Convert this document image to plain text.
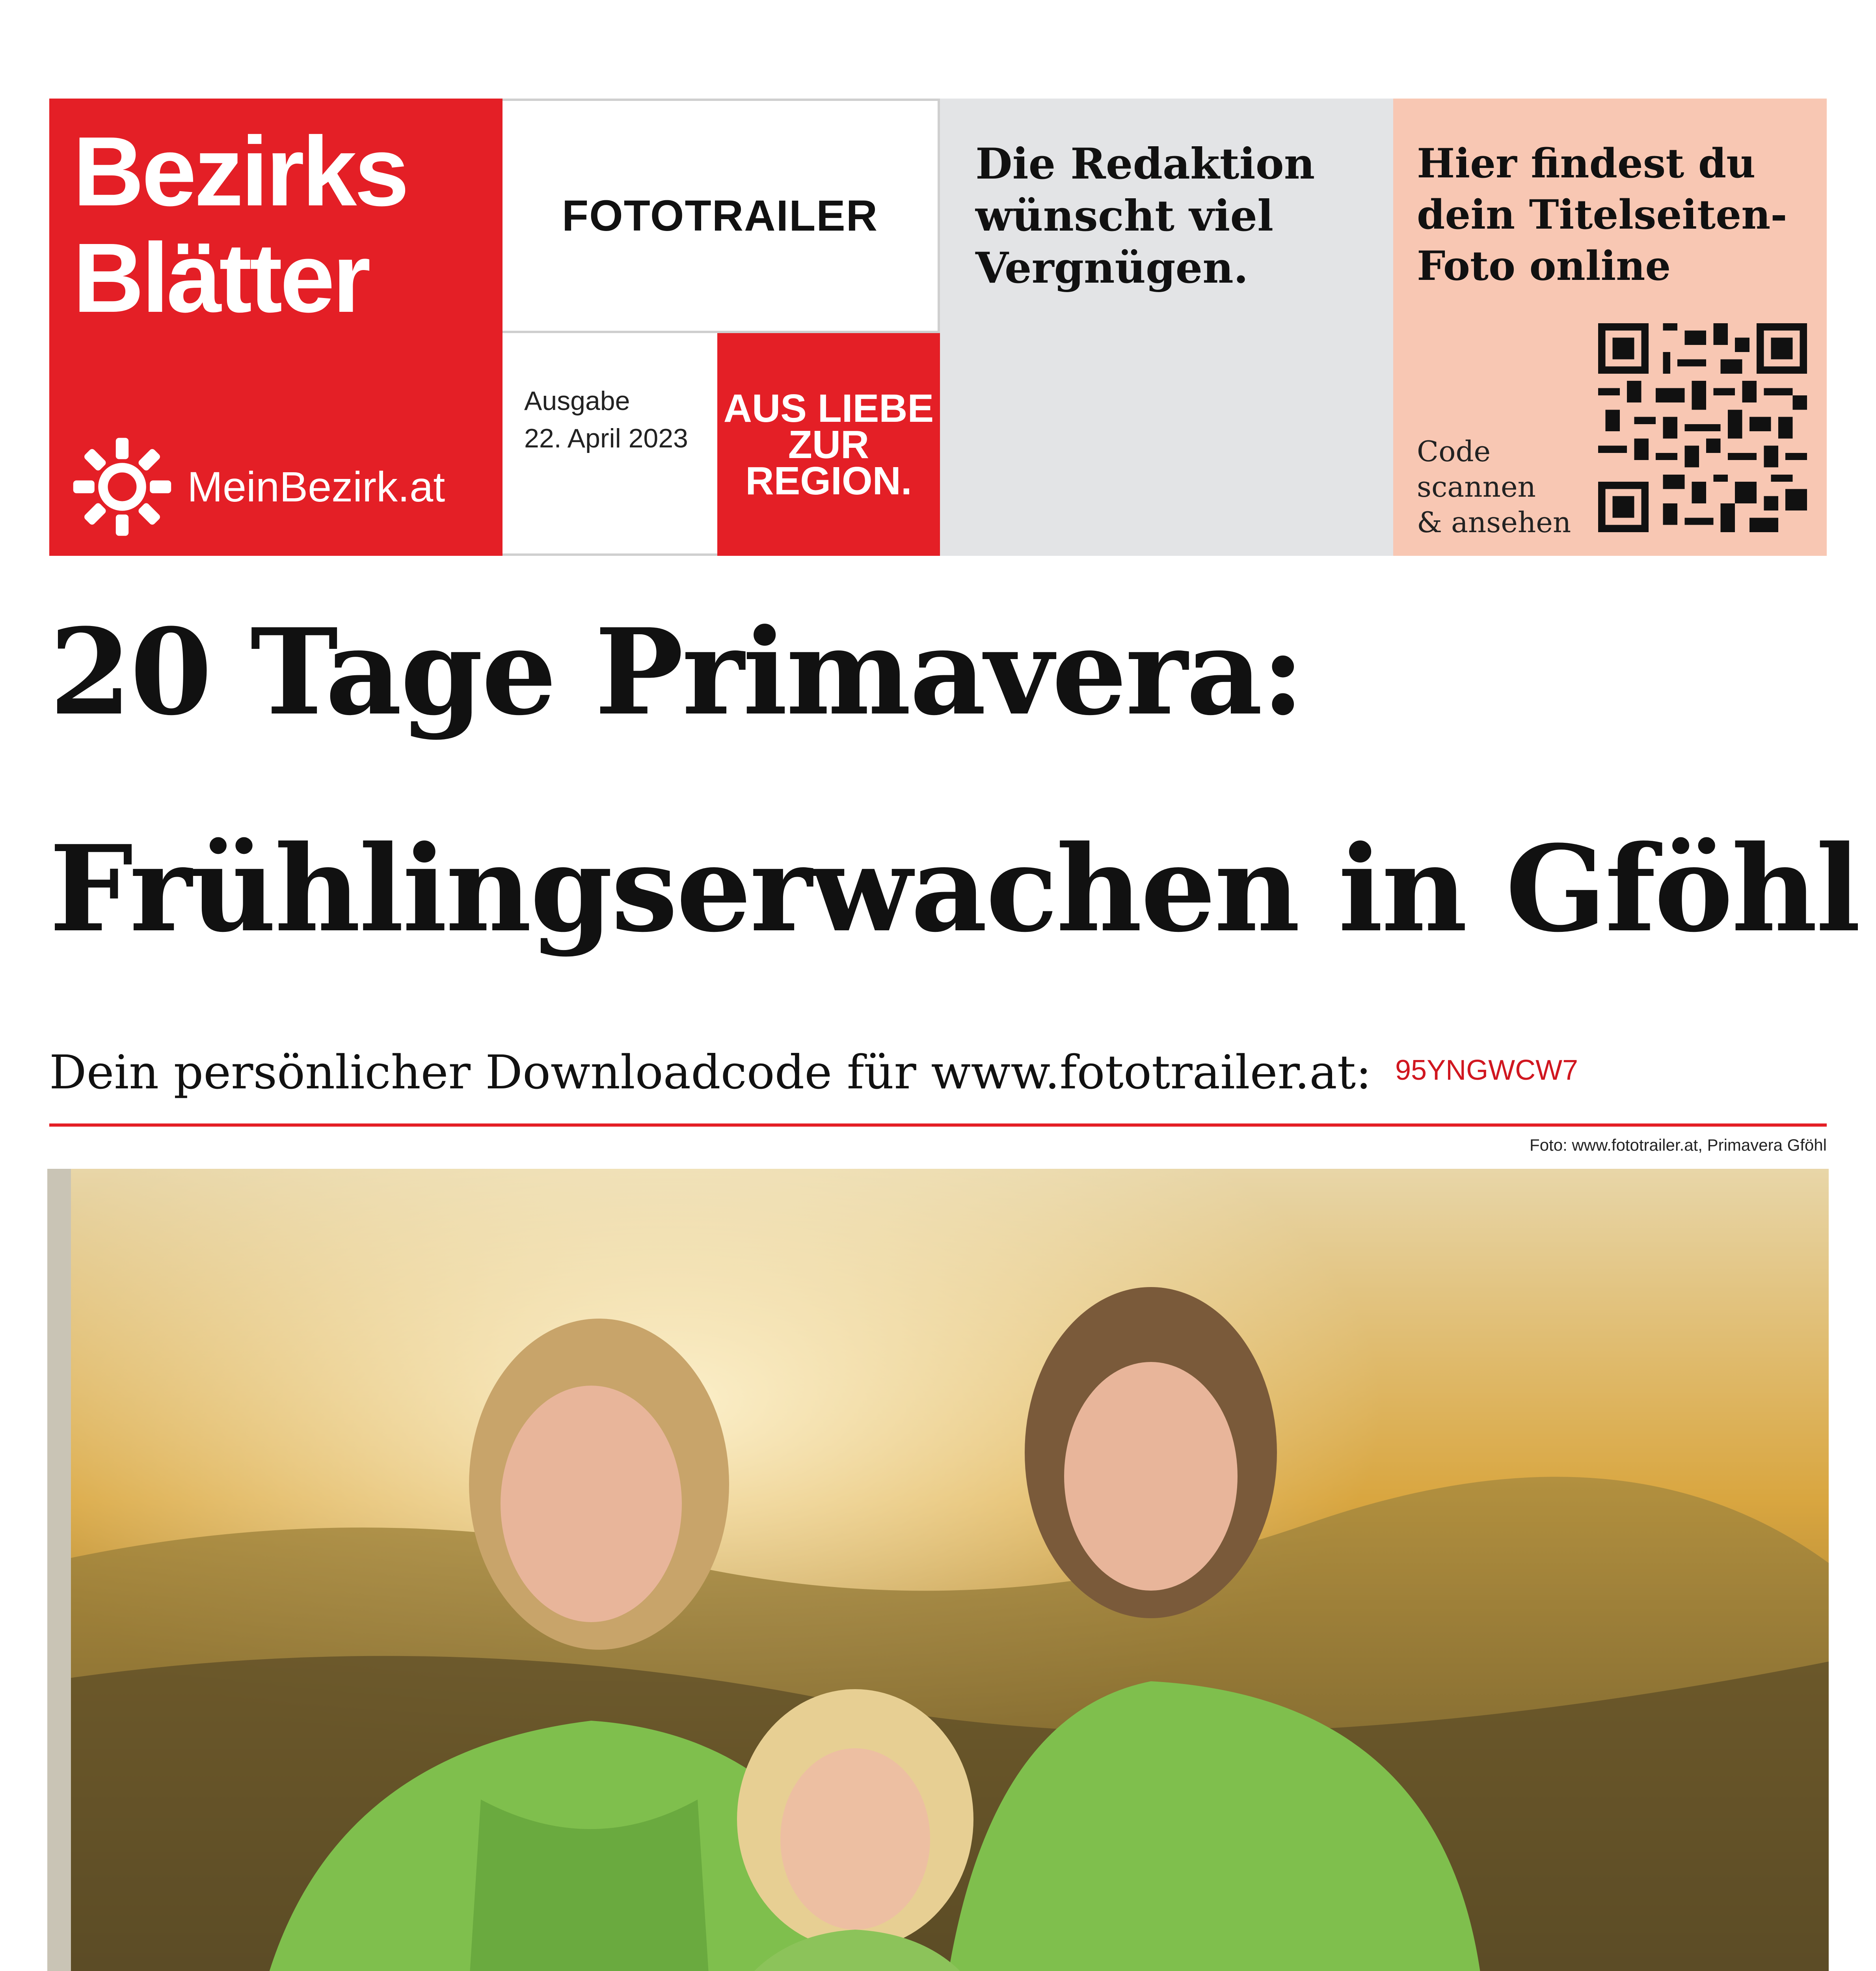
Bezirks
Blätter
MeinBezirk.at
FOTOTRAILER
Ausgabe
22. April 2023
AUS LIEBE
ZUR
REGION.
Die Redaktion
wünscht viel
Vergnügen.
Hier findest du
dein Titelseiten-
Foto online
Code
scannen
& ansehen
20 Tage Primavera:
Frühlingserwachen in Gföhl
Dein persönlicher Downloadcode für www.fototrailer.at: 95YNGWCW7
Foto: www.fototrailer.at, Primavera Gföhl
